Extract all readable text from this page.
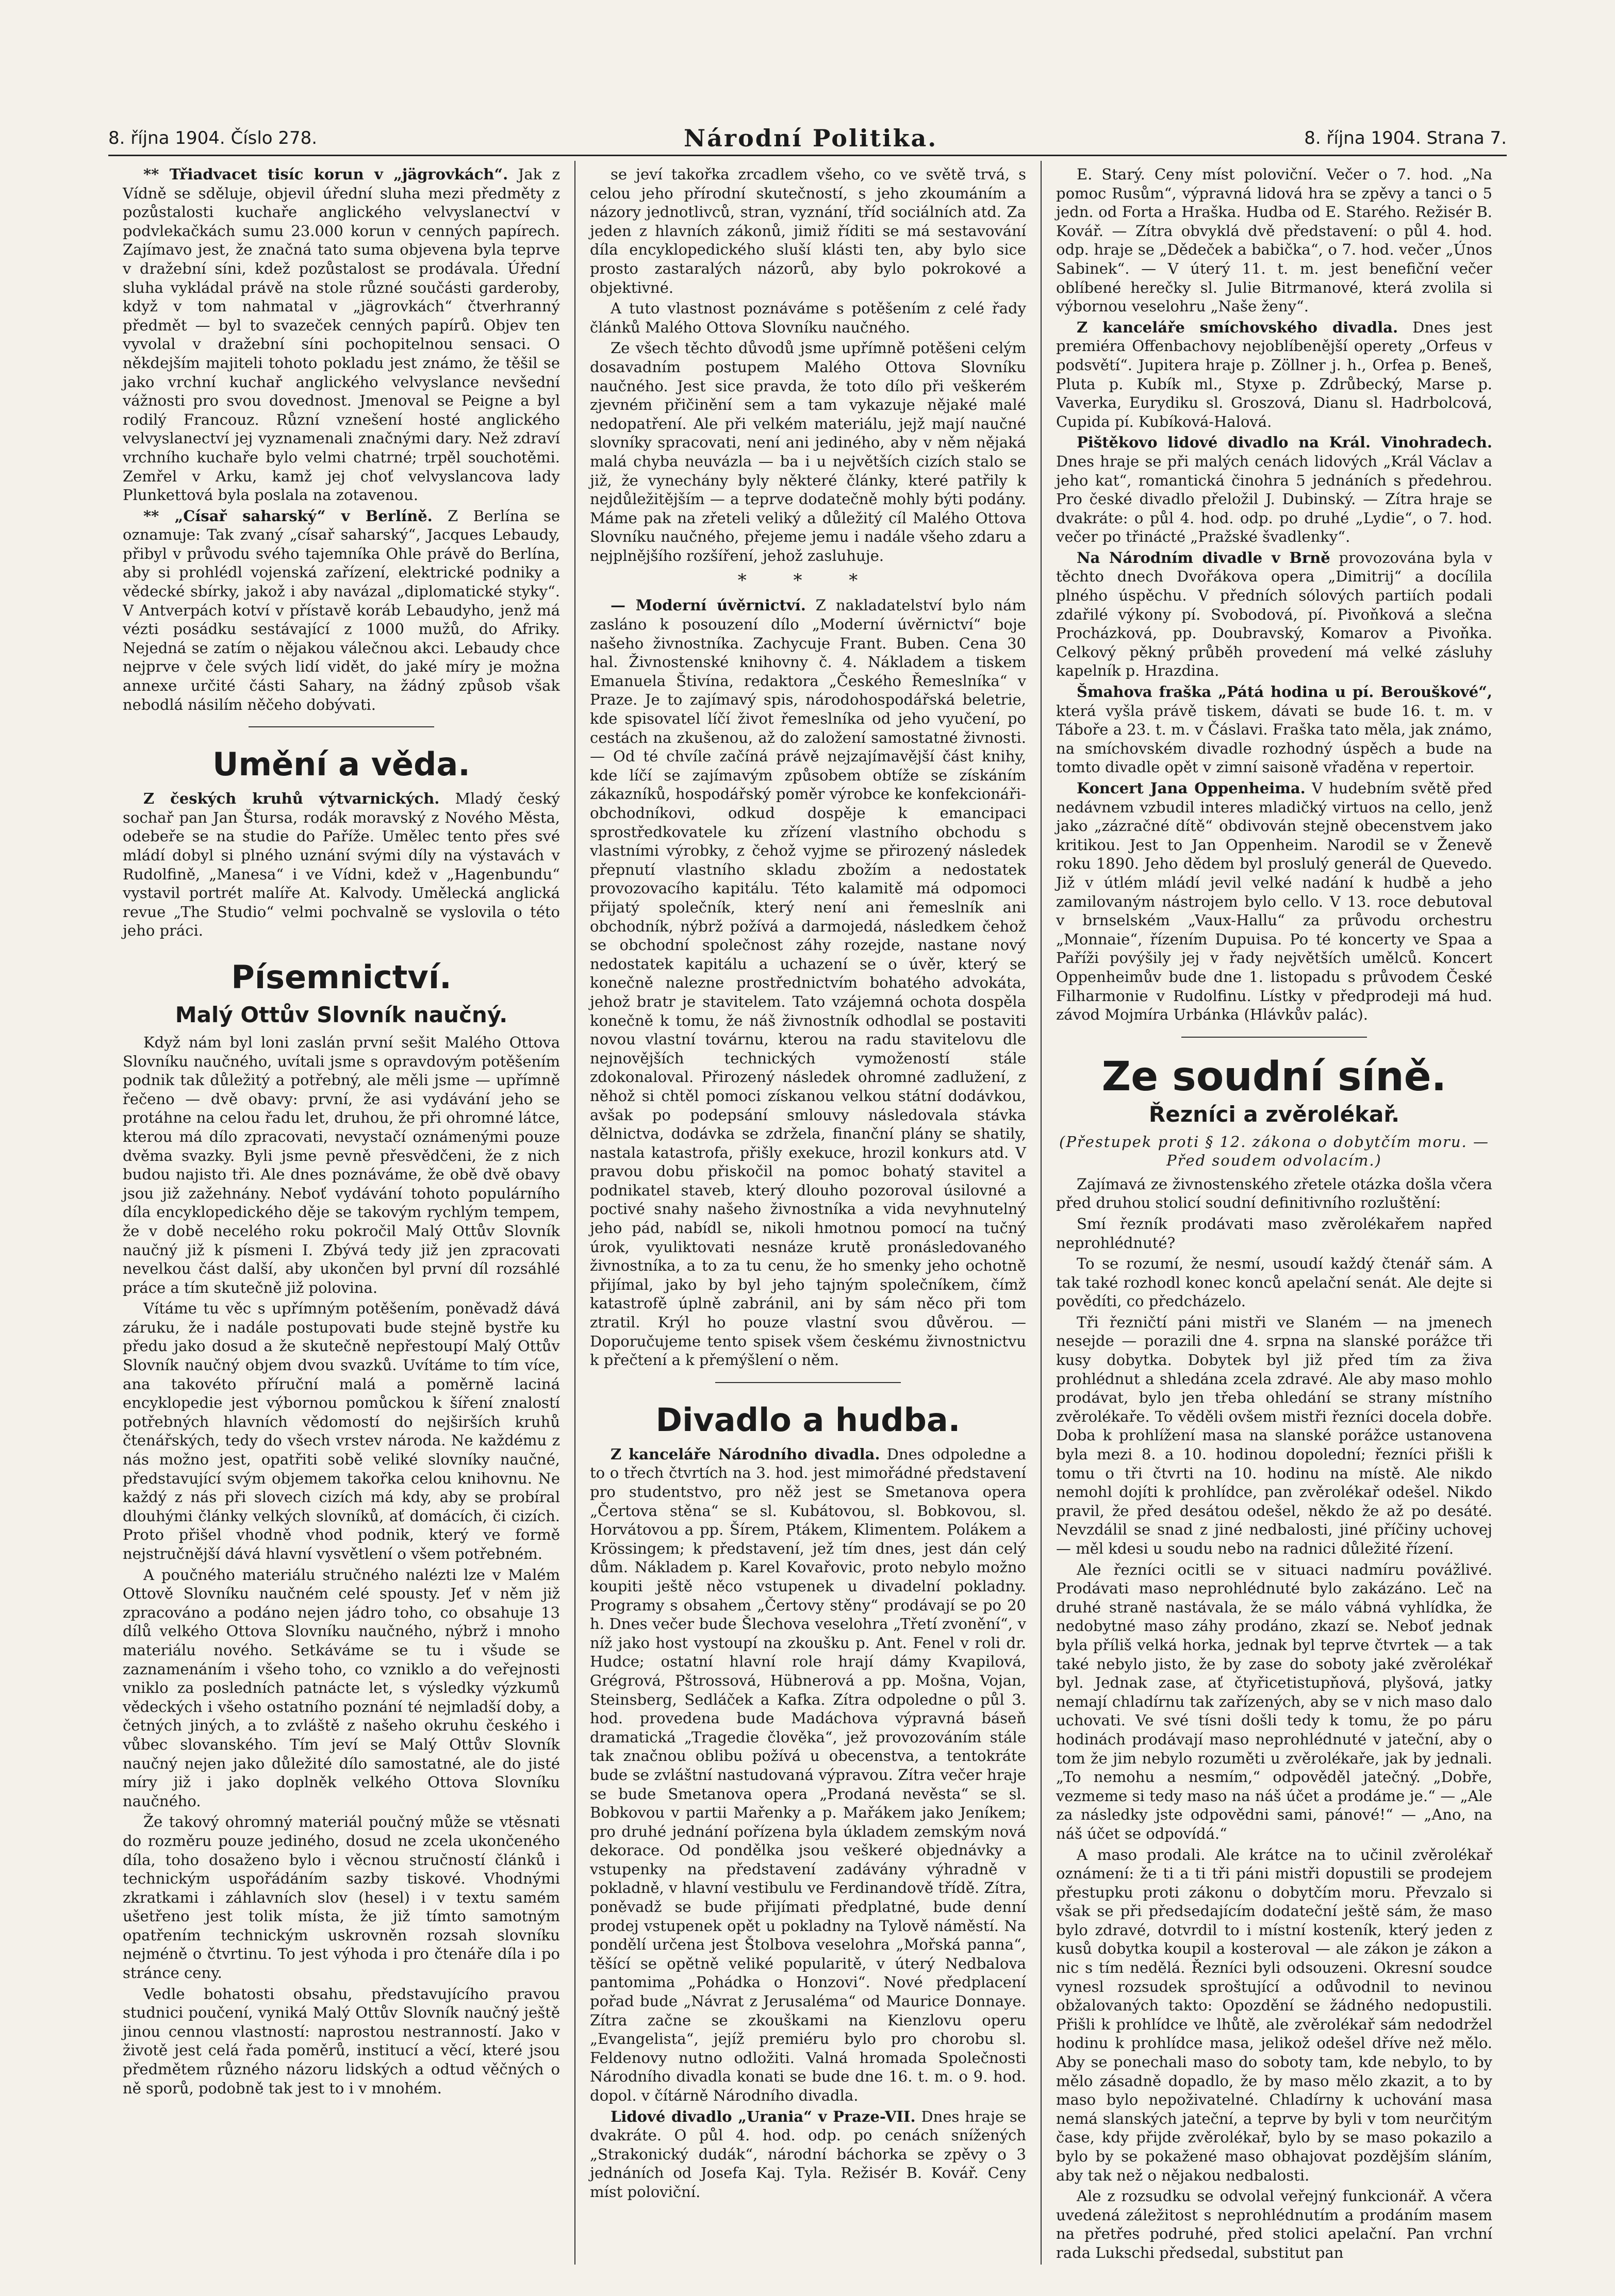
8. října 1904. Číslo 278.	Národní Politika.	8. října 1904. Strana 7.

** Třiadvacet tisíc korun v „jägrovkách“. Jak z Vídně se sděluje, objevil úřední sluha mezi předměty z pozůstalosti kuchaře anglického velvyslanectví v podvlekačkách sumu 23.000 korun v cenných papírech. Zajímavo jest, že značná tato suma objevena byla teprve v dražební síni, kdež pozůstalost se prodávala. Úřední sluha vykládal právě na stole různé součásti garderoby, když v tom nahmatal v „jägrovkách“ čtverhranný předmět — byl to svazeček cenných papírů. Objev ten vyvolal v dražební síni pochopitelnou sensaci. O někdejším majiteli tohoto pokladu jest známo, že těšil se jako vrchní kuchař anglického velvyslance nevšední vážnosti pro svou dovednost. Jmenoval se Peigne a byl rodilý Francouz. Různí vznešení hosté anglického velvyslanectví jej vyznamenali značnými dary. Než zdraví vrchního kuchaře bylo velmi chatrné; trpěl souchotěmi. Zemřel v Arku, kamž jej choť velvyslancova lady Plunkettová byla poslala na zotavenou.

** „Císař saharský“ v Berlíně. Z Berlína se oznamuje: Tak zvaný „císař saharský“, Jacques Lebaudy, přibyl v průvodu svého tajemníka Ohle právě do Berlína, aby si prohlédl vojenská zařízení, elektrické podniky a vědecké sbírky, jakož i aby navázal „diplomatické styky“. V Antverpách kotví v přístavě koráb Lebaudyho, jenž má vézti posádku sestávající z 1000 mužů, do Afriky. Nejedná se zatím o nějakou válečnou akci. Lebaudy chce nejprve v čele svých lidí vidět, do jaké míry je možna annexe určité části Sahary, na žádný způsob však nebodlá násilím něčeho dobývati.

Umění a věda.

Z českých kruhů výtvarnických. Mladý český sochař pan Jan Štursa, rodák moravský z Nového Města, odebeře se na studie do Paříže. Umělec tento přes své mládí dobyl si plného uznání svými díly na výstavách v Rudolfině, „Manesa“ i ve Vídni, kdež v „Hagenbundu“ vystavil portrét malíře At. Kalvody. Umělecká anglická revue „The Studio“ velmi pochvalně se vyslovila o této jeho práci.

Písemnictví.
Malý Ottův Slovník naučný.

Když nám byl loni zaslán první sešit Malého Ottova Slovníku naučného, uvítali jsme s opravdovým potěšením podnik tak důležitý a potřebný, ale měli jsme — upřímně řečeno — dvě obavy: první, že asi vydávání jeho se protáhne na celou řadu let, druhou, že při ohromné látce, kterou má dílo zpracovati, nevystačí oznámenými pouze dvěma svazky. Byli jsme pevně přesvědčeni, že z nich budou najisto tři. Ale dnes poznáváme, že obě dvě obavy jsou již zažehnány. Neboť vydávání tohoto populárního díla encyklopedického děje se takovým rychlým tempem, že v době necelého roku pokročil Malý Ottův Slovník naučný již k písmeni I. Zbývá tedy již jen zpracovati nevelkou část další, aby ukončen byl první díl rozsáhlé práce a tím skutečně již polovina.

Vítáme tu věc s upřímným potěšením, poněvadž dává záruku, že i nadále postupovati bude stejně bystře ku předu jako dosud a že skutečně nepřestoupí Malý Ottův Slovník naučný objem dvou svazků. Uvítáme to tím více, ana takovéto příruční malá a poměrně laciná encyklopedie jest výbornou pomůckou k šíření znalostí potřebných hlavních vědomostí do nejširších kruhů čtenářských, tedy do všech vrstev národa. Ne každému z nás možno jest, opatřiti sobě veliké slovníky naučné, představující svým objemem takořka celou knihovnu. Ne každý z nás při slovech cizích má kdy, aby se probíral dlouhými články velkých slovníků, ať domácích, či cizích. Proto přišel vhodně vhod podnik, který ve formě nejstručnější dává hlavní vysvětlení o všem potřebném.

A poučného materiálu stručného nalézti lze v Malém Ottově Slovníku naučném celé spousty. Jeť v něm již zpracováno a podáno nejen jádro toho, co obsahuje 13 dílů velkého Ottova Slovníku naučného, nýbrž i mnoho materiálu nového. Setkáváme se tu i všude se zaznamenáním i všeho toho, co vzniklo a do veřejnosti vniklo za posledních patnácte let, s výsledky výzkumů vědeckých i všeho ostatního poznání té nejmladší doby, a četných jiných, a to zvláště z našeho okruhu českého i vůbec slovanského. Tím jeví se Malý Ottův Slovník naučný nejen jako důležité dílo samostatné, ale do jisté míry již i jako doplněk velkého Ottova Slovníku naučného.

Že takový ohromný materiál poučný může se vtěsnati do rozměru pouze jediného, dosud ne zcela ukončeného díla, toho dosaženo bylo i věcnou stručností článků i technickým uspořádáním sazby tiskové. Vhodnými zkratkami i záhlavních slov (hesel) i v textu samém ušetřeno jest tolik místa, že již tímto samotným opatřením technickým uskrovněn rozsah slovníku nejméně o čtvrtinu. To jest výhoda i pro čtenáře díla i po stránce ceny.

Vedle bohatosti obsahu, představujícího pravou studnici poučení, vyniká Malý Ottův Slovník naučný ještě jinou cennou vlastností: naprostou nestranností. Jako v životě jest celá řada poměrů, institucí a věcí, které jsou předmětem různého názoru lidských a odtud věčných o ně sporů, podobně tak jest to i v mnohém.

se jeví takořka zrcadlem všeho, co ve světě trvá, s celou jeho přírodní skutečností, s jeho zkoumáním a názory jednotlivců, stran, vyznání, tříd sociálních atd. Za jeden z hlavních zákonů, jimiž říditi se má sestavování díla encyklopedického sluší klásti ten, aby bylo sice prosto zastaralých názorů, aby bylo pokrokové a objektivné.

A tuto vlastnost poznáváme s potěšením z celé řady článků Malého Ottova Slovníku naučného.

Ze všech těchto důvodů jsme upřímně potěšeni celým dosavadním postupem Malého Ottova Slovníku naučného. Jest sice pravda, že toto dílo při veškerém zjevném přičinění sem a tam vykazuje nějaké malé nedopatření. Ale při velkém materiálu, jejž mají naučné slovníky spracovati, není ani jediného, aby v něm nějaká malá chyba neuvázla — ba i u největších cizích stalo se již, že vynechány byly některé články, které patřily k nejdůležitějším — a teprve dodatečně mohly býti podány. Máme pak na zřeteli veliký a důležitý cíl Malého Ottova Slovníku naučného, přejeme jemu i nadále všeho zdaru a nejplnějšího rozšíření, jehož zasluhuje.

* * *

— Moderní úvěrnictví. Z nakladatelství bylo nám zasláno k posouzení dílo „Moderní úvěrnictví“ boje našeho živnostníka. Zachycuje Frant. Buben. Cena 30 hal. Živnostenské knihovny č. 4. Nákladem a tiskem Emanuela Štivína, redaktora „Českého Řemeslníka“ v Praze. Je to zajímavý spis, národohospodářská beletrie, kde spisovatel líčí život řemeslníka od jeho vyučení, po cestách na zkušenou, až do založení samostatné živnosti. — Od té chvíle začíná právě nejzajímavější část knihy, kde líčí se zajímavým způsobem obtíže se získáním zákazníků, hospodářský poměr výrobce ke konfekcionáři-obchodníkovi, odkud dospěje k emancipaci sprostředkovatele ku zřízení vlastního obchodu s vlastními výrobky, z čehož vyjme se přirozený následek přepnutí vlastního skladu zbožím a nedostatek provozovacího kapitálu. Této kalamitě má odpomoci přijatý společník, který není ani řemeslník ani obchodník, nýbrž požívá a darmojedá, následkem čehož se obchodní společnost záhy rozejde, nastane nový nedostatek kapitálu a uchazení se o úvěr, který se konečně nalezne prostřednictvím bohatého advokáta, jehož bratr je stavitelem. Tato vzájemná ochota dospěla konečně k tomu, že náš živnostník odhodlal se postaviti novou vlastní továrnu, kterou na radu stavitelovu dle nejnovějších technických vymožeností stále zdokonaloval. Přirozený následek ohromné zadlužení, z něhož si chtěl pomoci získanou velkou státní dodávkou, avšak po podepsání smlouvy následovala stávka dělnictva, dodávka se zdržela, finanční plány se shatily, nastala katastrofa, přišly exekuce, hrozil konkurs atd. V pravou dobu přiskočil na pomoc bohatý stavitel a podnikatel staveb, který dlouho pozoroval úsilovné a poctivé snahy našeho živnostníka a vida nevyhnutelný jeho pád, nabídl se, nikoli hmotnou pomocí na tučný úrok, vyuliktovati nesnáze krutě pronásledovaného živnostníka, a to za tu cenu, že ho smenky jeho ochotně přijímal, jako by byl jeho tajným společníkem, čímž katastrofě úplně zabránil, ani by sám něco při tom ztratil. Krýl ho pouze vlastní svou důvěrou. — Doporučujeme tento spisek všem českému živnostnictvu k přečtení a k přemýšlení o něm.

Divadlo a hudba.

Z kanceláře Národního divadla. Dnes odpoledne a to o třech čtvrtích na 3. hod. jest mimořádné představení pro studentstvo, pro něž jest se Smetanova opera „Čertova stěna“ se sl. Kubátovou, sl. Bobkovou, sl. Horvátovou a pp. Šírem, Ptákem, Klimentem. Polákem a Krössingem; k představení, jež tím dnes, jest dán celý dům. Nákladem p. Karel Kovařovic, proto nebylo možno koupiti ještě něco vstupenek u divadelní pokladny. Programy s obsahem „Čertovy stěny“ prodávají se po 20 h. Dnes večer bude Šlechova veselohra „Třetí zvonění“, v níž jako host vystoupí na zkoušku p. Ant. Fenel v roli dr. Hudce; ostatní hlavní role hrají dámy Kvapilová, Grégrová, Pštrossová, Hübnerová a pp. Mošna, Vojan, Steinsberg, Sedláček a Kafka. Zítra odpoledne o půl 3. hod. provedena bude Madáchova výpravná báseň dramatická „Tragedie člověka“, jež provozováním stále tak značnou oblibu požívá u obecenstva, a tentokráte bude se zvláštní nastudovaná výpravou. Zítra večer hraje se bude Smetanova opera „Prodaná nevěsta“ se sl. Bobkovou v partii Mařenky a p. Mařákem jako Jeníkem; pro druhé jednání pořízena byla úkladem zemským nová dekorace. Od pondělka jsou veškeré objednávky a vstupenky na představení zadávány výhradně v pokladně, v hlavní vestibulu ve Ferdinandově třídě. Zítra, poněvadž se bude přijímati předplatné, bude denní prodej vstupenek opět u pokladny na Tylově náměstí. Na pondělí určena jest Štolbova veselohra „Mořská panna“, těšící se opětně veliké popularitě, v úterý Nedbalova pantomima „Pohádka o Honzovi“. Nové předplacení pořad bude „Návrat z Jerusaléma“ od Maurice Donnaye. Zítra začne se zkouškami na Kienzlovu operu „Evangelista“, jejíž premiéru bylo pro chorobu sl. Feldenovy nutno odložiti. Valná hromada Společnosti Národního divadla konati se bude dne 16. t. m. o 9. hod. dopol. v čítárně Národního divadla.

Lidové divadlo „Urania“ v Praze-VII. Dnes hraje se dvakráte. O půl 4. hod. odp. po cenách snížených „Strakonický dudák“, národní báchorka se zpěvy o 3 jednáních od Josefa Kaj. Tyla. Režisér B. Kovář. Ceny míst poloviční.

E. Starý. Ceny míst poloviční. Večer o 7. hod. „Na pomoc Rusům“, výpravná lidová hra se zpěvy a tanci o 5 jedn. od Forta a Hraška. Hudba od E. Starého. Režisér B. Kovář. — Zítra obvyklá dvě představení: o půl 4. hod. odp. hraje se „Dědeček a babička“, o 7. hod. večer „Únos Sabinek“. — V úterý 11. t. m. jest benefiční večer oblíbené herečky sl. Julie Bitrmanové, která zvolila si výbornou veselohru „Naše ženy“.

Z kanceláře smíchovského divadla. Dnes jest premiéra Offenbachovy nejoblíbenější operety „Orfeus v podsvětí“. Jupitera hraje p. Zöllner j. h., Orfea p. Beneš, Pluta p. Kubík ml., Styxe p. Zdrůbecký, Marse p. Vaverka, Eurydiku sl. Groszová, Dianu sl. Hadrbolcová, Cupida pí. Kubíková-Halová.

Pištěkovo lidové divadlo na Král. Vinohradech. Dnes hraje se při malých cenách lidových „Král Václav a jeho kat“, romantická činohra 5 jednáních s předehrou. Pro české divadlo přeložil J. Dubinský. — Zítra hraje se dvakráte: o půl 4. hod. odp. po druhé „Lydie“, o 7. hod. večer po třinácté „Pražské švadlenky“.

Na Národním divadle v Brně provozována byla v těchto dnech Dvořákova opera „Dimitrij“ a docílila plného úspěchu. V předních sólových partiích podali zdařilé výkony pí. Svobodová, pí. Pivoňková a slečna Procházková, pp. Doubravský, Komarov a Pivoňka. Celkový pěkný průběh provedení má velké zásluhy kapelník p. Hrazdina.

Šmahova fraška „Pátá hodina u pí. Berouškové“, která vyšla právě tiskem, dávati se bude 16. t. m. v Táboře a 23. t. m. v Čáslavi. Fraška tato měla, jak známo, na smíchovském divadle rozhodný úspěch a bude na tomto divadle opět v zimní saisoně vřaděna v repertoir.

Koncert Jana Oppenheima. V hudebním světě před nedávnem vzbudil interes mladičký virtuos na cello, jenž jako „zázračné dítě“ obdivován stejně obecenstvem jako kritikou. Jest to Jan Oppenheim. Narodil se v Ženevě roku 1890. Jeho dědem byl proslulý generál de Quevedo. Již v útlém mládí jevil velké nadání k hudbě a jeho zamilovaným nástrojem bylo cello. V 13. roce debutoval v brnselském „Vaux-Hallu“ za průvodu orchestru „Monnaie“, řízením Dupuisa. Po té koncerty ve Spaa a Paříži povýšily jej v řady největších umělců. Koncert Oppenheimův bude dne 1. listopadu s průvodem České Filharmonie v Rudolfinu. Lístky v předprodeji má hud. závod Mojmíra Urbánka (Hlávkův palác).

Ze soudní síně.
Řezníci a zvěrolékař.
(Přestupek proti § 12. zákona o dobytčím moru. — Před soudem odvolacím.)

Zajímavá ze živnostenského zřetele otázka došla včera před druhou stolicí soudní definitivního rozluštění:

Smí řezník prodávati maso zvěrolékařem napřed neprohlédnuté?

To se rozumí, že nesmí, usoudí každý čtenář sám. A tak také rozhodl konec konců apelační senát. Ale dejte si povědíti, co předcházelo.

Tři řezničtí páni mistři ve Slaném — na jmenech nesejde — porazili dne 4. srpna na slanské porážce tři kusy dobytka. Dobytek byl již před tím za živa prohlédnut a shledána zcela zdravé. Ale aby maso mohlo prodávat, bylo jen třeba ohledání se strany místního zvěrolékaře. To věděli ovšem mistři řezníci docela dobře. Doba k prohlížení masa na slanské porážce ustanovena byla mezi 8. a 10. hodinou dopolední; řezníci přišli k tomu o tři čtvrti na 10. hodinu na místě. Ale nikdo nemohl dojíti k prohlídce, pan zvěrolékař odešel. Nikdo pravil, že před desátou odešel, někdo že až po desáté. Nevzdálil se snad z jiné nedbalosti, jiné příčiny uchovej — měl kdesi u soudu nebo na radnici důležité řízení.

Ale řezníci ocitli se v situaci nadmíru povážlivé. Prodávati maso neprohlédnuté bylo zakázáno. Leč na druhé straně nastávala, že se málo vábná vyhlídka, že nedobytné maso záhy prodáno, zkazí se. Neboť jednak byla příliš velká horka, jednak byl teprve čtvrtek — a tak také nebylo jisto, že by zase do soboty jaké zvěrolékař byl. Jednak zase, ať čtyřicetistupňová, plyšová, jatky nemají chladírnu tak zařízených, aby se v nich maso dalo uchovati. Ve své tísni došli tedy k tomu, že po páru hodinách prodávají maso neprohlédnuté v jateční, aby o tom že jim nebylo rozuměti u zvěrolékaře, jak by jednali. „To nemohu a nesmím,“ odpověděl jatečný. „Dobře, vezmeme si tedy maso na náš účet a prodáme je.“ — „Ale za následky jste odpovědni sami, pánové!“ — „Ano, na náš účet se odpovídá.“

A maso prodali. Ale krátce na to učinil zvěrolékař oznámení: že ti a ti tři páni mistři dopustili se prodejem přestupku proti zákonu o dobytčím moru. Převzalo si však se při předsedajícím dodateční ještě sám, že maso bylo zdravé, dotvrdil to i místní kosteník, který jeden z kusů dobytka koupil a kosteroval — ale zákon je zákon a nic s tím nedělá. Řezníci byli odsouzeni. Okresní soudce vynesl rozsudek sproštující a odůvodnil to nevinou obžalovaných takto: Opozdění se žádného nedopustili. Přišli k prohlídce ve lhůtě, ale zvěrolékař sám nedodržel hodinu k prohlídce masa, jelikož odešel dříve než mělo. Aby se ponechali maso do soboty tam, kde nebylo, to by mělo zásadně dopadlo, že by maso mělo zkazit, a to by maso bylo nepoživatelné. Chladírny k uchování masa nemá slanských jateční, a teprve by byli v tom neurčitým čase, kdy přijde zvěrolékař, bylo by se maso pokazilo a bylo by se pokažené maso obhajovat pozdějším sláním, aby tak než o nějakou nedbalosti.

Ale z rozsudku se odvolal veřejný funkcionář. A včera uvedená záležitost s neprohlédnutím a prodáním masem na přetřes podruhé, před stolici apelační. Pan vrchní rada Lukschi předsedal, substitut pan
